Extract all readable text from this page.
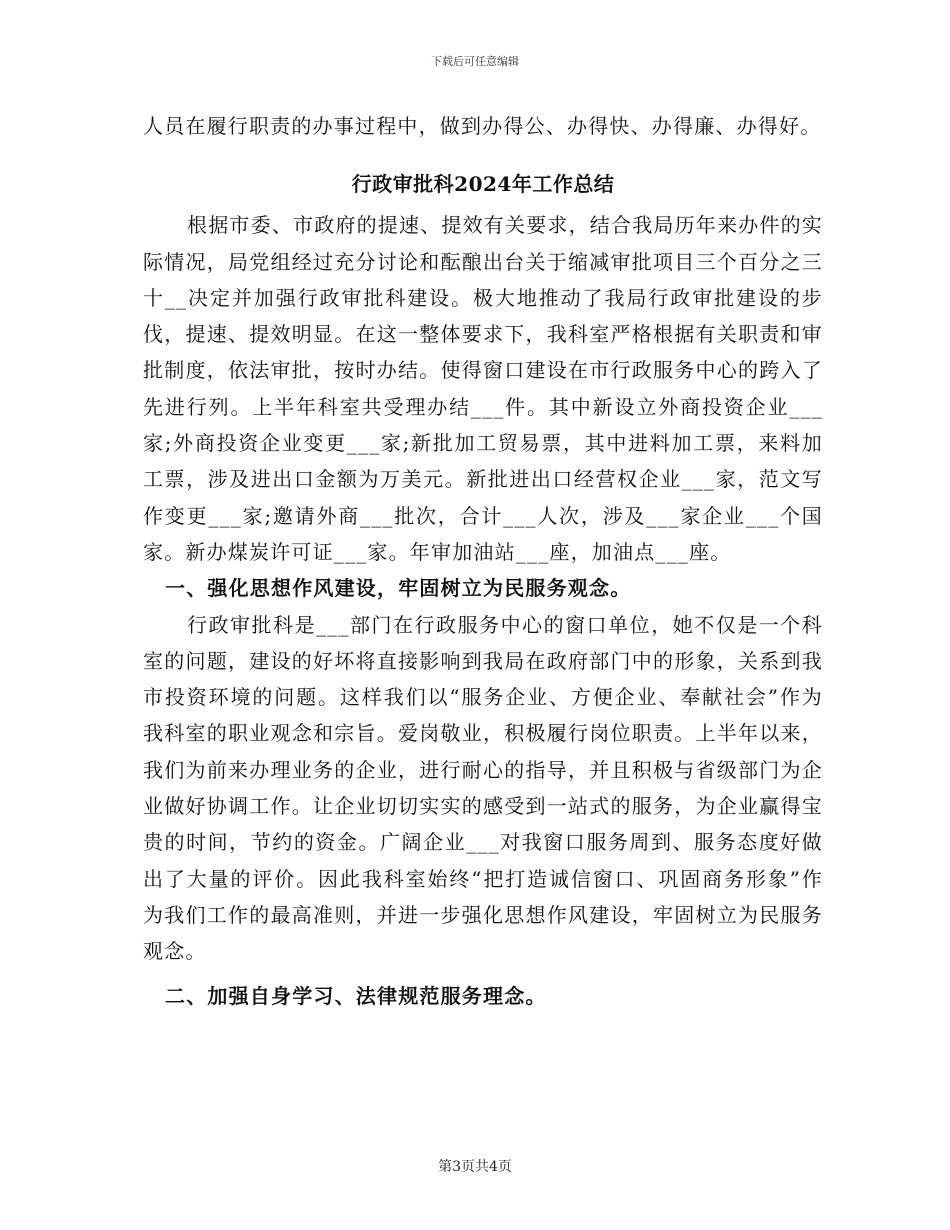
下载后可任意编辑

人员在履行职责的办事过程中，做到办得公、办得快、办得廉、办得好。

行政审批科2024年工作总结

根据市委、市政府的提速、提效有关要求，结合我局历年来办件的实际情况，局党组经过充分讨论和酝酿出台关于缩减审批项目三个百分之三十__决定并加强行政审批科建设。极大地推动了我局行政审批建设的步伐，提速、提效明显。在这一整体要求下，我科室严格根据有关职责和审批制度，依法审批，按时办结。使得窗口建设在市行政服务中心的跨入了先进行列。上半年科室共受理办结___件。其中新设立外商投资企业___家;外商投资企业变更___家;新批加工贸易票，其中进料加工票，来料加工票，涉及进出口金额为万美元。新批进出口经营权企业___家，范文写作变更___家;邀请外商___批次，合计___人次，涉及___家企业___个国家。新办煤炭许可证___家。年审加油站___座，加油点___座。

一、强化思想作风建设，牢固树立为民服务观念。

行政审批科是___部门在行政服务中心的窗口单位，她不仅是一个科室的问题，建设的好坏将直接影响到我局在政府部门中的形象，关系到我市投资环境的问题。这样我们以“服务企业、方便企业、奉献社会”作为我科室的职业观念和宗旨。爱岗敬业，积极履行岗位职责。上半年以来，我们为前来办理业务的企业，进行耐心的指导，并且积极与省级部门为企业做好协调工作。让企业切切实实的感受到一站式的服务，为企业赢得宝贵的时间，节约的资金。广阔企业___对我窗口服务周到、服务态度好做出了大量的评价。因此我科室始终“把打造诚信窗口、巩固商务形象”作为我们工作的最高准则，并进一步强化思想作风建设，牢固树立为民服务观念。

二、加强自身学习、法律规范服务理念。

第3页共4页
